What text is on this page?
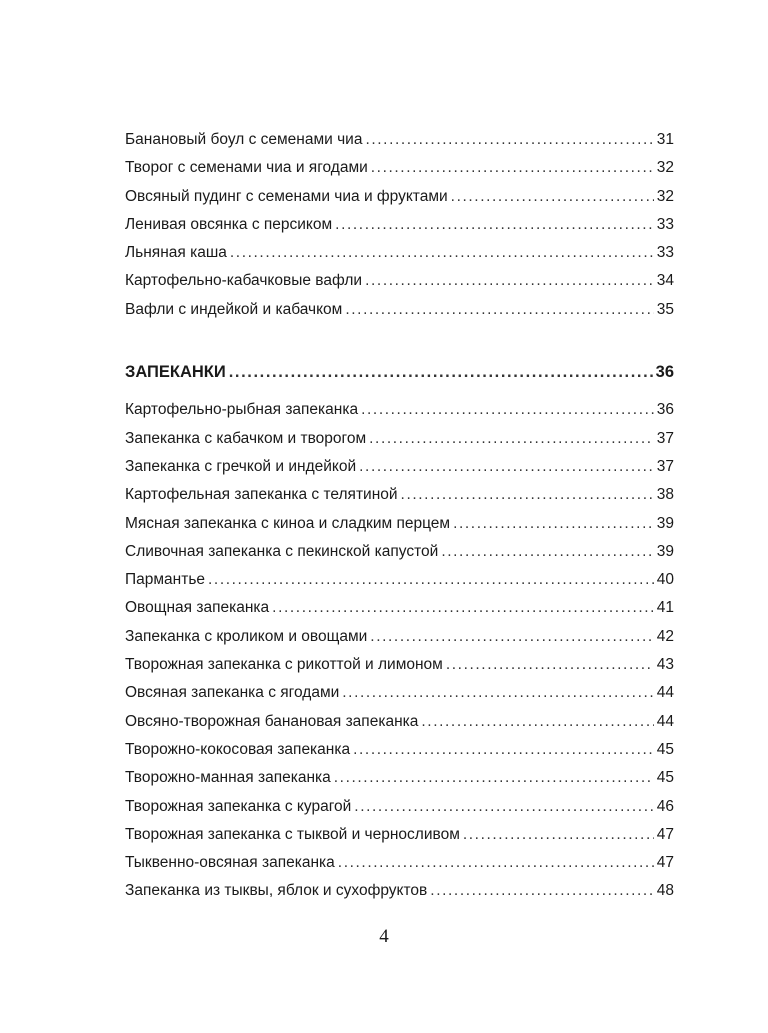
Банановый боул с семенами чиа .....	31
Творог с семенами чиа и ягодами .....	32
Овсяный пудинг с семенами чиа и фруктами .....	32
Ленивая овсянка с персиком .....	33
Льняная каша .....	33
Картофельно-кабачковые вафли .....	34
Вафли с индейкой и кабачком .....	35
ЗАПЕКАНКИ .....	36
Картофельно-рыбная запеканка .....	36
Запеканка с кабачком и творогом .....	37
Запеканка с гречкой и индейкой .....	37
Картофельная запеканка с телятиной .....	38
Мясная запеканка с киноа и сладким перцем .....	39
Сливочная запеканка с пекинской капустой .....	39
Пармантье .....	40
Овощная запеканка .....	41
Запеканка с кроликом и овощами .....	42
Творожная запеканка с рикоттой и лимоном .....	43
Овсяная запеканка с ягодами .....	44
Овсяно-творожная банановая запеканка .....	44
Творожно-кокосовая запеканка .....	45
Творожно-манная запеканка .....	45
Творожная запеканка с курагой .....	46
Творожная запеканка с тыквой и черносливом .....	47
Тыквенно-овсяная запеканка .....	47
Запеканка из тыквы, яблок и сухофруктов .....	48
4
